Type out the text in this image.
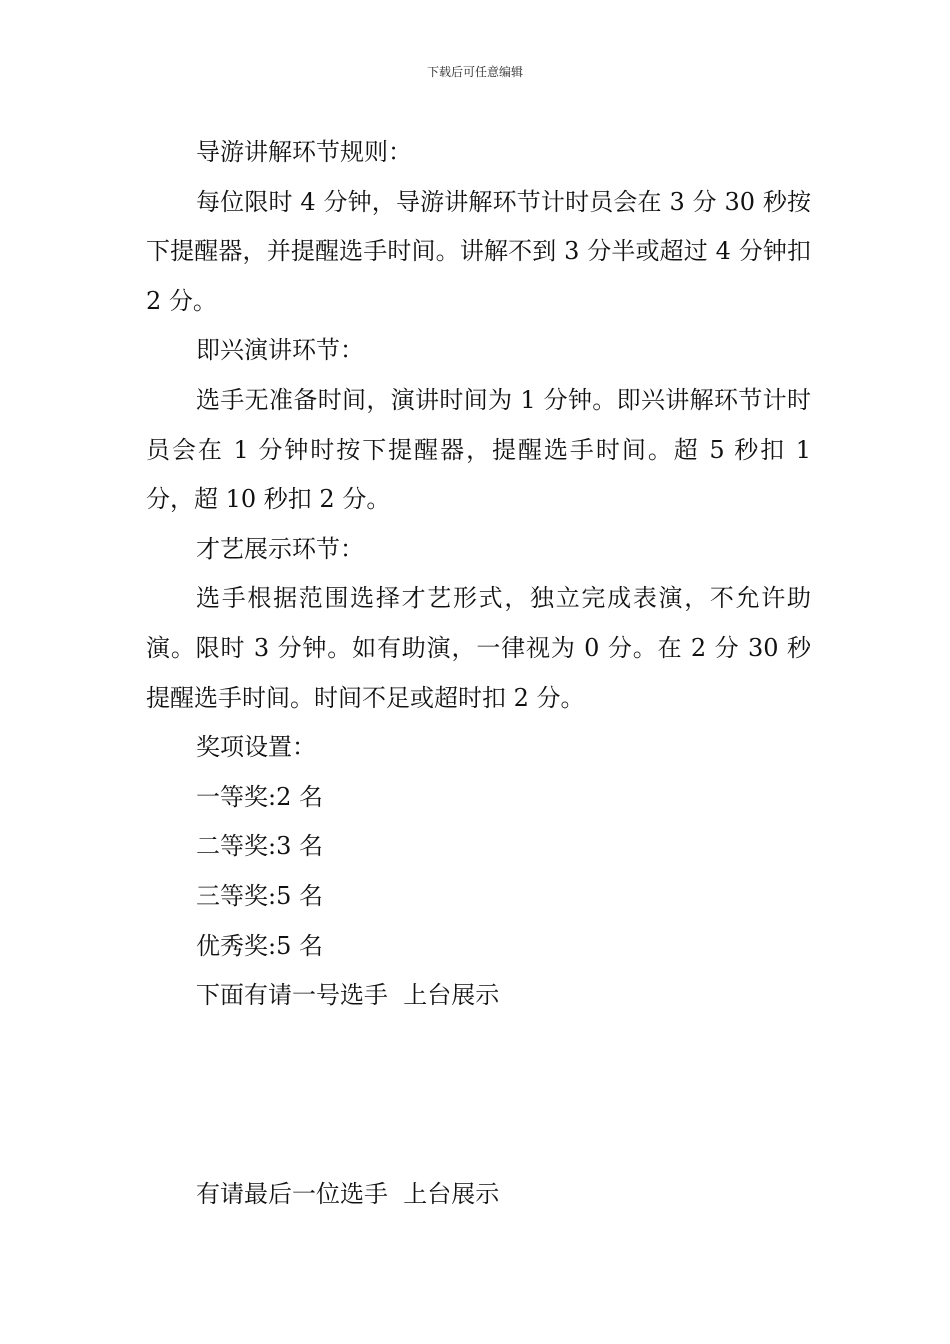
下载后可任意编辑

导游讲解环节规则：

每位限时 4 分钟，导游讲解环节计时员会在 3 分 30 秒按下提醒器，并提醒选手时间。讲解不到 3 分半或超过 4 分钟扣 2 分。

即兴演讲环节：

选手无准备时间，演讲时间为 1 分钟。即兴讲解环节计时员会在 1 分钟时按下提醒器，提醒选手时间。超 5 秒扣 1 分，超 10 秒扣 2 分。

才艺展示环节：

选手根据范围选择才艺形式，独立完成表演，不允许助演。限时 3 分钟。如有助演，一律视为 0 分。在 2 分 30 秒提醒选手时间。时间不足或超时扣 2 分。

奖项设置：

一等奖:2 名

二等奖:3 名

三等奖:5 名

优秀奖:5 名

下面有请一号选手  上台展示

有请最后一位选手  上台展示
